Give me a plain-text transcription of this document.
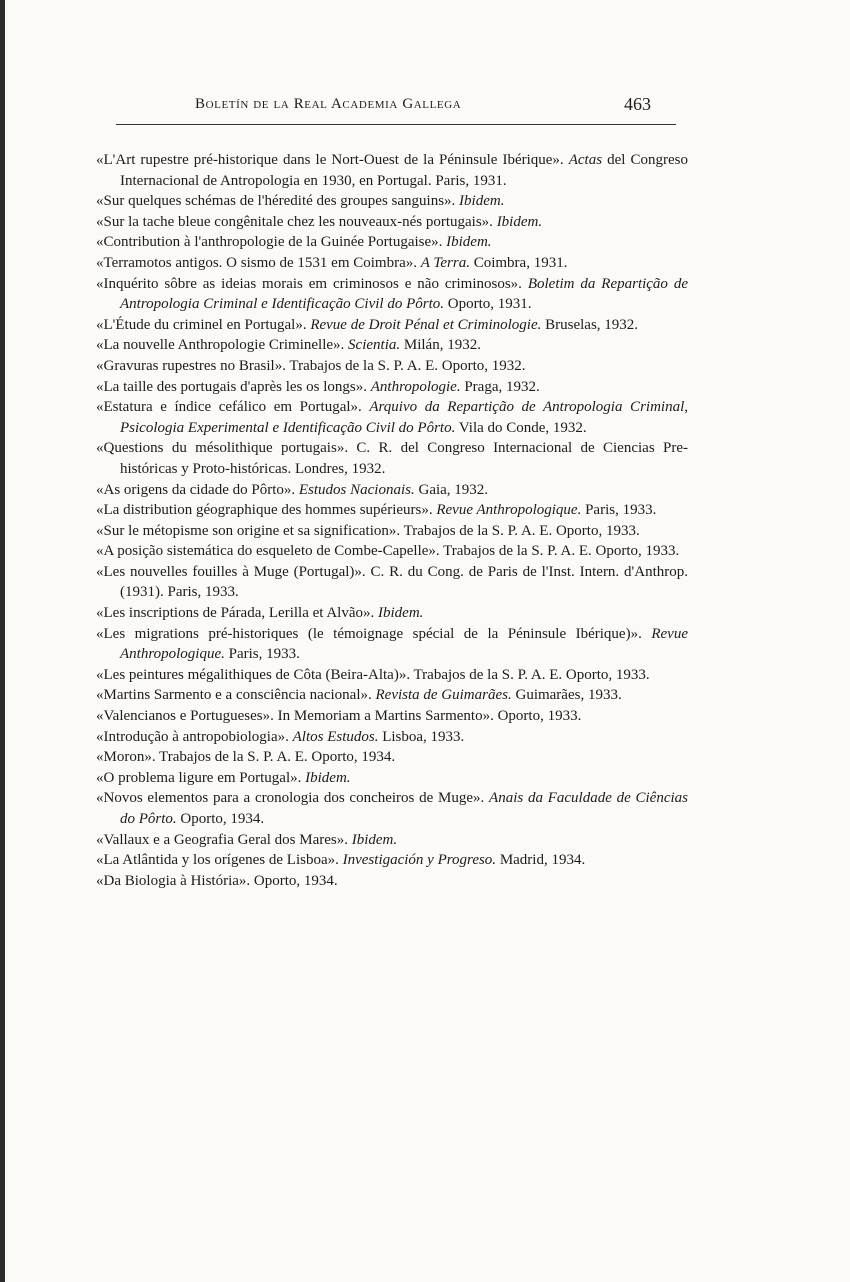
Boletín de la Real Academia Gallega	463
«L'Art rupestre pré-historique dans le Nort-Ouest de la Péninsule Ibérique». Actas del Congreso Internacional de Antropologia en 1930, en Portugal. Paris, 1931.
«Sur quelques schémas de l'héredité des groupes sanguins». Ibidem.
«Sur la tache bleue congênitale chez les nouveaux-nés portugais». Ibidem.
«Contribution à l'anthropologie de la Guinée Portugaise». Ibidem.
«Terramotos antigos. O sismo de 1531 em Coimbra». A Terra. Coimbra, 1931.
«Inquérito sôbre as ideias morais em criminosos e não criminosos». Boletim da Repartição de Antropologia Criminal e Identificação Civil do Pôrto. Oporto, 1931.
«L'Étude du criminel en Portugal». Revue de Droit Pénal et Criminologie. Bruselas, 1932.
«La nouvelle Anthropologie Criminelle». Scientia. Milán, 1932.
«Gravuras rupestres no Brasil». Trabajos de la S. P. A. E. Oporto, 1932.
«La taille des portugais d'après les os longs». Anthropologie. Praga, 1932.
«Estatura e índice cefálico em Portugal». Arquivo da Repartição de Antropologia Criminal, Psicologia Experimental e Identificação Civil do Pôrto. Vila do Conde, 1932.
«Questions du mésolithique portugais». C. R. del Congreso Internacional de Ciencias Pre-históricas y Proto-históricas. Londres, 1932.
«As origens da cidade do Pôrto». Estudos Nacionais. Gaia, 1932.
«La distribution géographique des hommes supérieurs». Revue Anthropologique. Paris, 1933.
«Sur le métopisme son origine et sa signification». Trabajos de la S. P. A. E. Oporto, 1933.
«A posição sistemática do esqueleto de Combe-Capelle». Trabajos de la S. P. A. E. Oporto, 1933.
«Les nouvelles fouilles à Muge (Portugal)». C. R. du Cong. de Paris de l'Inst. Intern. d'Anthrop. (1931). Paris, 1933.
«Les inscriptions de Párada, Lerilla et Alvão». Ibidem.
«Les migrations pré-historiques (le témoignage spécial de la Péninsule Ibérique)». Revue Anthropologique. Paris, 1933.
«Les peintures mégalithiques de Côta (Beira-Alta)». Trabajos de la S. P. A. E. Oporto, 1933.
«Martins Sarmento e a consciência nacional». Revista de Guimarães. Guimarães, 1933.
«Valencianos e Portugueses». In Memoriam a Martins Sarmento». Oporto, 1933.
«Introdução à antropobiologia». Altos Estudos. Lisboa, 1933.
«Moron». Trabajos de la S. P. A. E. Oporto, 1934.
«O problema ligure em Portugal». Ibidem.
«Novos elementos para a cronologia dos concheiros de Muge». Anais da Faculdade de Ciências do Pôrto. Oporto, 1934.
«Vallaux e a Geografia Geral dos Mares». Ibidem.
«La Atlântida y los orígenes de Lisboa». Investigación y Progreso. Madrid, 1934.
«Da Biologia à História». Oporto, 1934.
